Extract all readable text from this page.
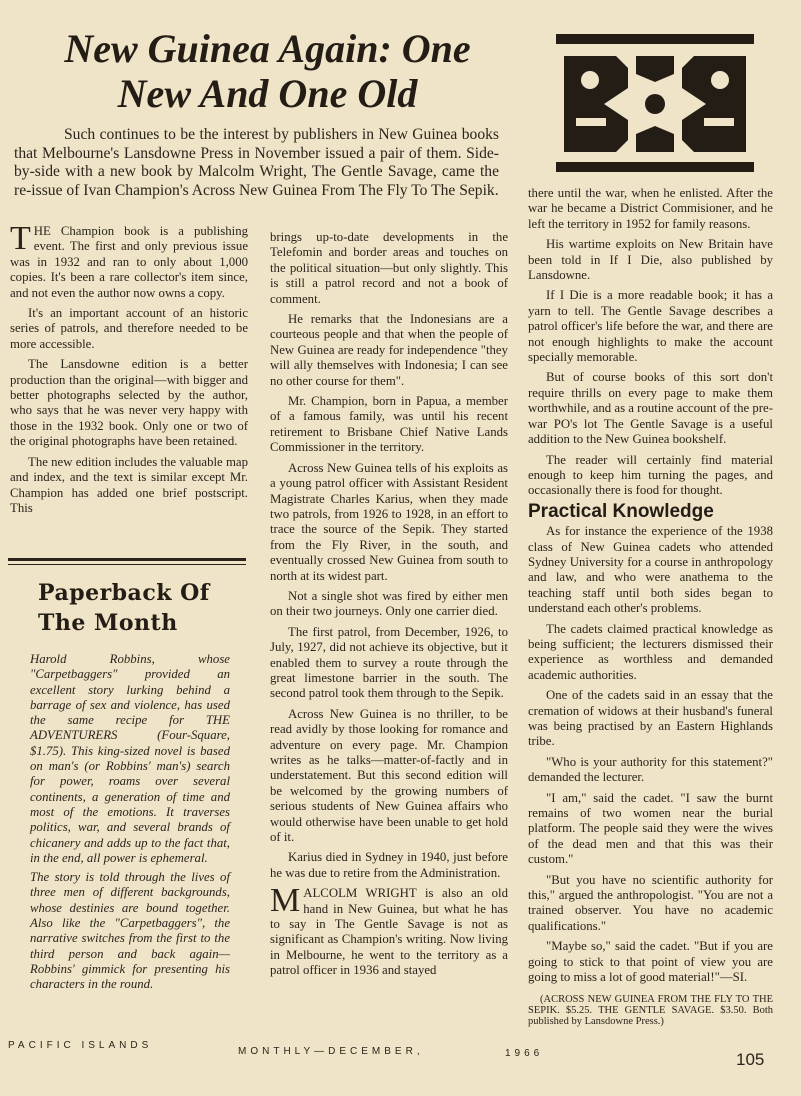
New Guinea Again: One
New And One Old

Such continues to be the interest by publishers in New Guinea books that Melbourne's Lansdowne Press in November issued a pair of them. Side-by-side with a new book by Malcolm Wright, The Gentle Savage, came the re-issue of Ivan Champion's Across New Guinea From The Fly To The Sepik.

THE Champion book is a publishing event. The first and only previous issue was in 1932 and ran to only about 1,000 copies. It's been a rare collector's item since, and not even the author now owns a copy.

It's an important account of an historic series of patrols, and therefore needed to be more accessible.

The Lansdowne edition is a better production than the original—with bigger and better photographs selected by the author, who says that he was never very happy with those in the 1932 book. Only one or two of the original photographs have been retained.

The new edition includes the valuable map and index, and the text is similar except Mr. Champion has added one brief postscript. This

Paperback Of
The Month

Harold Robbins, whose "Carpetbaggers" provided an excellent story lurking behind a barrage of sex and violence, has used the same recipe for THE ADVENTURERS (Four-Square, $1.75). This king-sized novel is based on man's (or Robbins' man's) search for power, roams over several continents, a generation of time and most of the emotions. It traverses politics, war, and several brands of chicanery and adds up to the fact that, in the end, all power is ephemeral.

The story is told through the lives of three men of different backgrounds, whose destinies are bound together. Also like the "Carpetbaggers", the narrative switches from the first to the third person and back again—Robbins' gimmick for presenting his characters in the round.

brings up-to-date developments in the Telefomin and border areas and touches on the political situation—but only slightly. This is still a patrol record and not a book of comment.

He remarks that the Indonesians are a courteous people and that when the people of New Guinea are ready for independence "they will ally themselves with Indonesia; I can see no other course for them".

Mr. Champion, born in Papua, a member of a famous family, was until his recent retirement to Brisbane Chief Native Lands Commissioner in the territory.

Across New Guinea tells of his exploits as a young patrol officer with Assistant Resident Magistrate Charles Karius, when they made two patrols, from 1926 to 1928, in an effort to trace the source of the Sepik. They started from the Fly River, in the south, and eventually crossed New Guinea from south to north at its widest part.

Not a single shot was fired by either men on their two journeys. Only one carrier died.

The first patrol, from December, 1926, to July, 1927, did not achieve its objective, but it enabled them to survey a route through the great limestone barrier in the south. The second patrol took them through to the Sepik.

Across New Guinea is no thriller, to be read avidly by those looking for romance and adventure on every page. Mr. Champion writes as he talks—matter-of-factly and in understatement. But this second edition will be welcomed by the growing numbers of serious students of New Guinea affairs who would otherwise have been unable to get hold of it.

Karius died in Sydney in 1940, just before he was due to retire from the Administration.

MALCOLM WRIGHT is also an old hand in New Guinea, but what he has to say in The Gentle Savage is not as significant as Champion's writing. Now living in Melbourne, he went to the territory as a patrol officer in 1936 and stayed

there until the war, when he enlisted. After the war he became a District Commisioner, and he left the territory in 1952 for family reasons.

His wartime exploits on New Britain have been told in If I Die, also published by Lansdowne.

If I Die is a more readable book; it has a yarn to tell. The Gentle Savage describes a patrol officer's life before the war, and there are not enough highlights to make the account specially memorable.

But of course books of this sort don't require thrills on every page to make them worthwhile, and as a routine account of the pre-war PO's lot The Gentle Savage is a useful addition to the New Guinea bookshelf.

The reader will certainly find material enough to keep him turning the pages, and occasionally there is food for thought.

Practical Knowledge

As for instance the experience of the 1938 class of New Guinea cadets who attended Sydney University for a course in anthropology and law, and who were anathema to the teaching staff until both sides began to understand each other's problems.

The cadets claimed practical knowledge as being sufficient; the lecturers dismissed their experience as worthless and demanded academic authorities.

One of the cadets said in an essay that the cremation of widows at their husband's funeral was being practised by an Eastern Highlands tribe.

"Who is your authority for this statement?" demanded the lecturer.

"I am," said the cadet. "I saw the burnt remains of two women near the burial platform. The people said they were the wives of the dead men and that this was their custom."

"But you have no scientific authority for this," argued the anthropologist. "You are not a trained observer. You have no academic qualifications."

"Maybe so," said the cadet. "But if you are going to stick to that point of view you are going to miss a lot of good material!"—SI.

(ACROSS NEW GUINEA FROM THE FLY TO THE SEPIK. $5.25. THE GENTLE SAVAGE. $3.50. Both published by Lansdowne Press.)

PACIFIC ISLANDS
MONTHLY—DECEMBER,	1966	105
